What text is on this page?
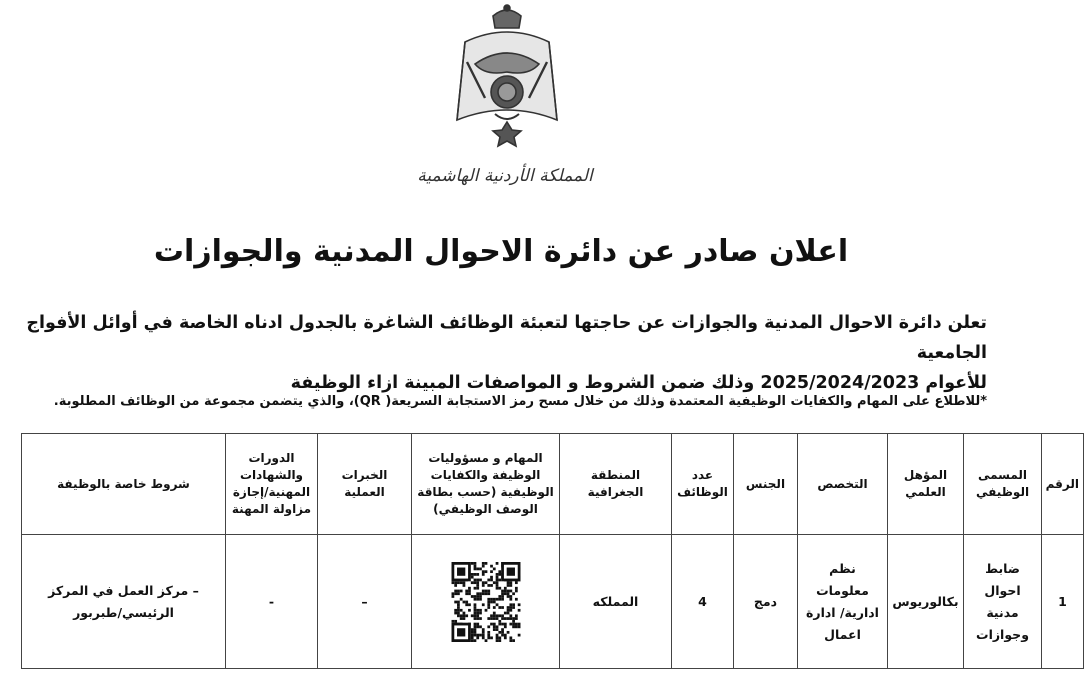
المملكة الأردنية الهاشمية
اعلان صادر عن دائرة الاحوال المدنية والجوازات
تعلن دائرة الاحوال المدنية والجوازات عن حاجتها لتعبئة الوظائف الشاغرة بالجدول ادناه الخاصة في أوائل الأفواج الجامعية
للأعوام 2025/2024/2023 وذلك ضمن الشروط و المواصفات المبينة ازاء الوظيفة
*للاطلاع على المهام والكفايات الوظيفية المعتمدة وذلك من خلال مسح رمز الاستجابة السريعة( QR)، والذي يتضمن مجموعة من الوظائف المطلوبة.
الرقم	المسمى الوظيفي	المؤهل العلمي	التخصص	الجنس	عدد الوظائف	المنطقة الجغرافية	المهام و مسؤوليات الوظيفة والكفايات الوظيفية (حسب بطاقة الوصف الوظيفي)	الخبرات العملية	الدورات والشهادات المهنية/إجازة مزاولة المهنة	شروط خاصة بالوظيفة
1	ضابط احوال مدنية وجوازات	بكالوريوس	نظم معلومات ادارية/ ادارة اعمال	دمج	4	المملكه		–	-	– مركز العمل في المركز الرئيسي/طبربور
